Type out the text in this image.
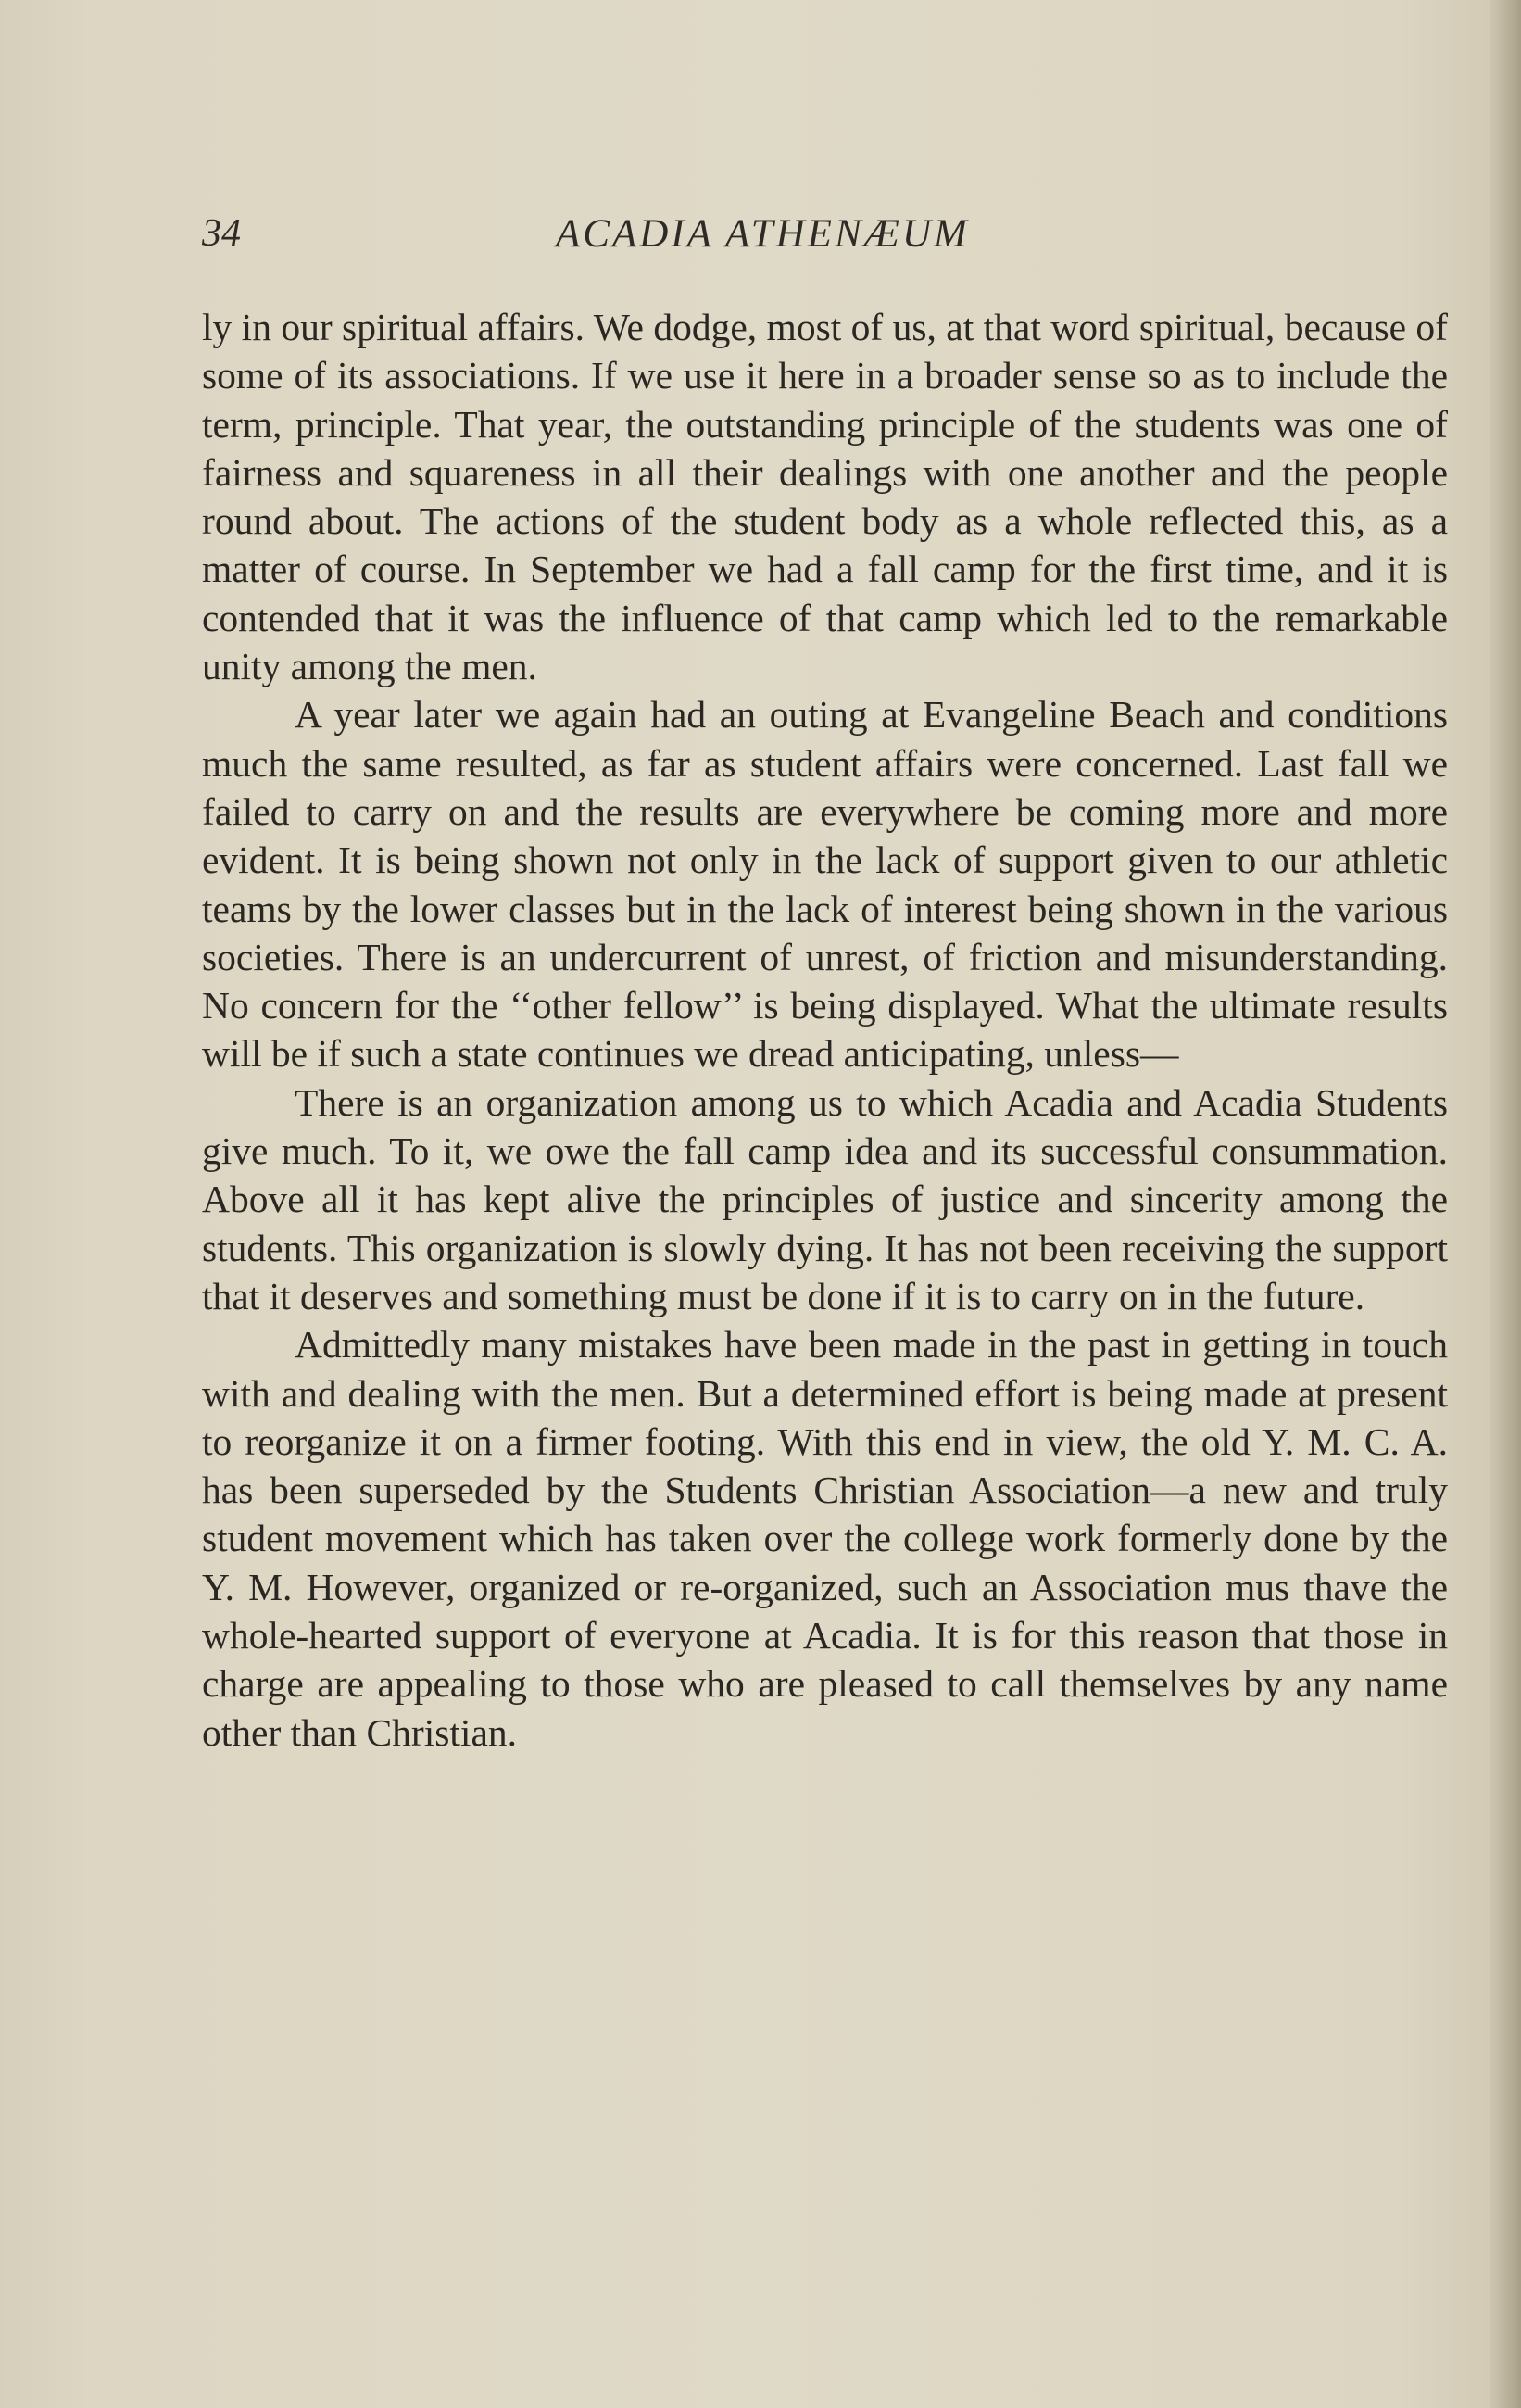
34	ACADIA ATHENÆUM

ly in our spiritual affairs. We dodge, most of us, at that word spiritual, because of some of its associations. If we use it here in a broader sense so as to include the term, principle. That year, the outstanding principle of the students was one of fairness and squareness in all their dealings with one another and the people round about. The actions of the student body as a whole reflected this, as a matter of course. In September we had a fall camp for the first time, and it is contended that it was the influence of that camp which led to the remarkable unity among the men.

A year later we again had an outing at Evangeline Beach and conditions much the same resulted, as far as student affairs were concerned. Last fall we failed to carry on and the results are everywhere be coming more and more evident. It is being shown not only in the lack of support given to our athletic teams by the lower classes but in the lack of interest being shown in the various societies. There is an undercurrent of unrest, of friction and misunderstanding. No concern for the ‘‘other fellow’’ is being displayed. What the ultimate results will be if such a state continues we dread anticipating, unless—

There is an organization among us to which Acadia and Acadia Students give much. To it, we owe the fall camp idea and its successful consummation. Above all it has kept alive the principles of justice and sincerity among the students. This organization is slowly dying. It has not been receiving the support that it deserves and something must be done if it is to carry on in the future.

Admittedly many mistakes have been made in the past in getting in touch with and dealing with the men. But a determined effort is being made at present to reorganize it on a firmer footing. With this end in view, the old Y. M. C. A. has been superseded by the Students Christian Association—a new and truly student movement which has taken over the college work formerly done by the Y. M. However, organized or re-organized, such an Association mus thave the whole-hearted support of everyone at Acadia. It is for this reason that those in charge are appealing to those who are pleased to call themselves by any name other than Christian.
